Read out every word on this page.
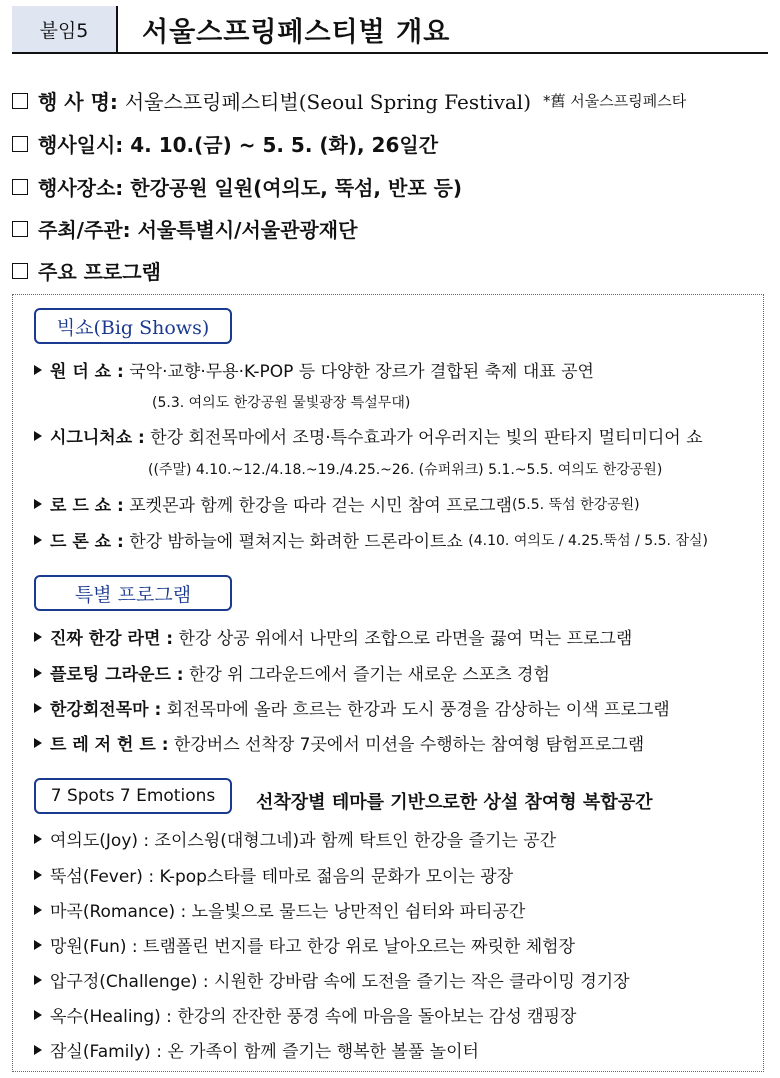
붙임5	서울스프링페스티벌 개요
행 사 명:
서울스프링페스티벌(Seoul Spring Festival) *舊 서울스프링페스타
행사일시:
4. 10.(금) ~ 5. 5. (화), 26일간
행사장소:
한강공원 일원(여의도, 뚝섬, 반포 등)
주최/주관:
서울특별시/서울관광재단
주요 프로그램
빅쇼(Big Shows)
원 더 쇼 :
국악·교향·무용·K-POP 등 다양한 장르가 결합된 축제 대표 공연
(5.3. 여의도 한강공원 물빛광장 특설무대)
시그니처쇼 :
한강 회전목마에서 조명·특수효과가 어우러지는 빛의 판타지 멀티미디어 쇼
((주말) 4.10.~12./4.18.~19./4.25.~26. (슈퍼위크) 5.1.~5.5. 여의도 한강공원)
로 드 쇼 :
포켓몬과 함께 한강을 따라 걷는 시민 참여 프로그램 (5.5. 뚝섬 한강공원)
드 론 쇼 :
한강 밤하늘에 펼쳐지는 화려한 드론라이트쇼
(4.10. 여의도 / 4.25.뚝섬 / 5.5. 잠실)
특별 프로그램
진짜 한강 라면 :
한강 상공 위에서 나만의 조합으로 라면을 끓여 먹는 프로그램
플로팅 그라운드 :
한강 위 그라운드에서 즐기는 새로운 스포츠 경험
한강회전목마 :
회전목마에 올라 흐르는 한강과 도시 풍경을 감상하는 이색 프로그램
트 레 저 헌 트 :
한강버스 선착장 7곳에서 미션을 수행하는 참여형 탐험프로그램
7 Spots 7 Emotions	선착장별 테마를 기반으로한 상설 참여형 복합공간
여의도(Joy) : 조이스윙(대형그네)과 함께 탁트인 한강을 즐기는 공간
뚝섬(Fever) : K-pop스타를 테마로 젊음의 문화가 모이는 광장
마곡(Romance) : 노을빛으로 물드는 낭만적인 쉼터와 파티공간
망원(Fun) : 트램폴린 번지를 타고 한강 위로 날아오르는 짜릿한 체험장
압구정(Challenge) : 시원한 강바람 속에 도전을 즐기는 작은 클라이밍 경기장
옥수(Healing) : 한강의 잔잔한 풍경 속에 마음을 돌아보는 감성 캠핑장
잠실(Family) : 온 가족이 함께 즐기는 행복한 볼풀 놀이터
